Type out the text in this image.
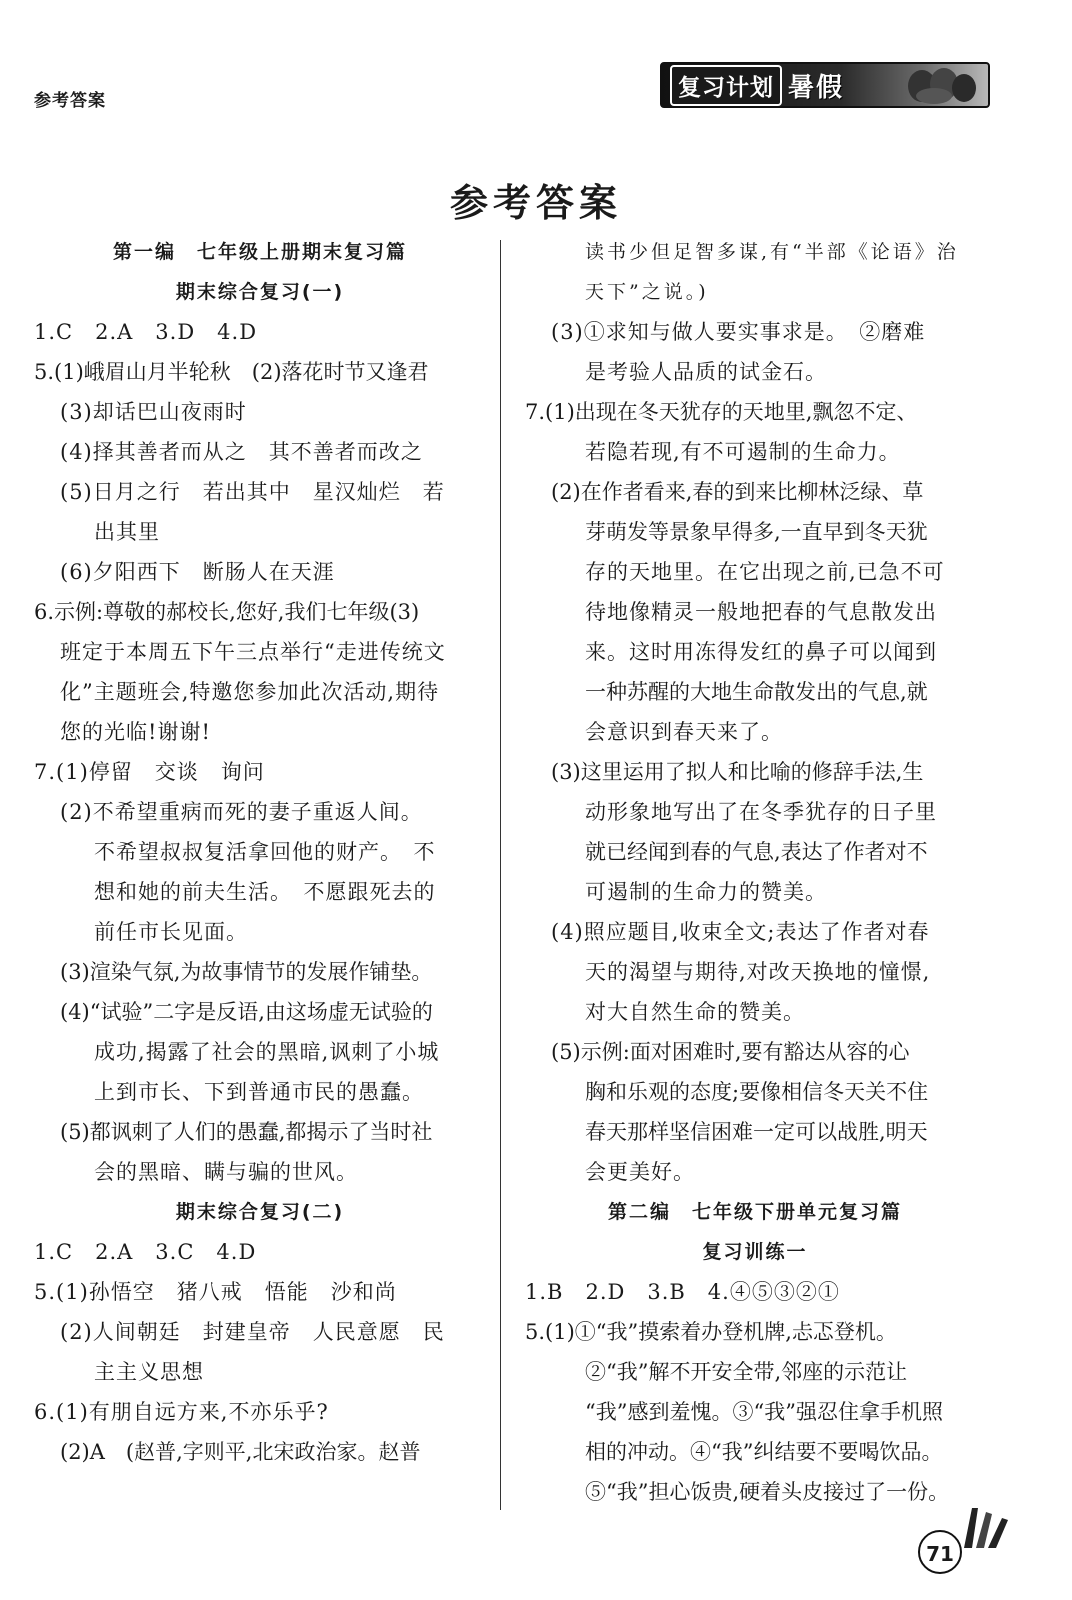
参考答案
复习计划 暑假
参考答案
第一编　七年级上册期末复习篇
期末综合复习(一)
1.C　2.A　3.D　4.D
5.(1)峨眉山月半轮秋　(2)落花时节又逢君
(3)却话巴山夜雨时
(4)择其善者而从之　其不善者而改之
(5)日月之行　若出其中　星汉灿烂　若
出其里
(6)夕阳西下　断肠人在天涯
6.示例:尊敬的郝校长,您好,我们七年级(3)
班定于本周五下午三点举行“走进传统文
化”主题班会,特邀您参加此次活动,期待
您的光临!谢谢!
7.(1)停留　交谈　询问
(2)不希望重病而死的妻子重返人间。
不希望叔叔复活拿回他的财产。　不
想和她的前夫生活。　不愿跟死去的
前任市长见面。
(3)渲染气氛,为故事情节的发展作铺垫。
(4)“试验”二字是反语,由这场虚无试验的
成功,揭露了社会的黑暗,讽刺了小城
上到市长、下到普通市民的愚蠢。
(5)都讽刺了人们的愚蠢,都揭示了当时社
会的黑暗、瞒与骗的世风。
期末综合复习(二)
1.C　2.A　3.C　4.D
5.(1)孙悟空　猪八戒　悟能　沙和尚
(2)人间朝廷　封建皇帝　人民意愿　民
主主义思想
6.(1)有朋自远方来,不亦乐乎?
(2)A　(赵普,字则平,北宋政治家。赵普
读书少但足智多谋,有“半部《论语》治
天下”之说。)
(3)①求知与做人要实事求是。　②磨难
是考验人品质的试金石。
7.(1)出现在冬天犹存的天地里,飘忽不定、
若隐若现,有不可遏制的生命力。
(2)在作者看来,春的到来比柳林泛绿、草
芽萌发等景象早得多,一直早到冬天犹
存的天地里。在它出现之前,已急不可
待地像精灵一般地把春的气息散发出
来。这时用冻得发红的鼻子可以闻到
一种苏醒的大地生命散发出的气息,就
会意识到春天来了。
(3)这里运用了拟人和比喻的修辞手法,生
动形象地写出了在冬季犹存的日子里
就已经闻到春的气息,表达了作者对不
可遏制的生命力的赞美。
(4)照应题目,收束全文;表达了作者对春
天的渴望与期待,对改天换地的憧憬,
对大自然生命的赞美。
(5)示例:面对困难时,要有豁达从容的心
胸和乐观的态度;要像相信冬天关不住
春天那样坚信困难一定可以战胜,明天
会更美好。
第二编　七年级下册单元复习篇
复习训练一
1.B　2.D　3.B　4.④⑤③②①
5.(1)①“我”摸索着办登机牌,忐忑登机。
②“我”解不开安全带,邻座的示范让
“我”感到羞愧。③“我”强忍住拿手机照
相的冲动。④“我”纠结要不要喝饮品。
⑤“我”担心饭贵,硬着头皮接过了一份。
71
